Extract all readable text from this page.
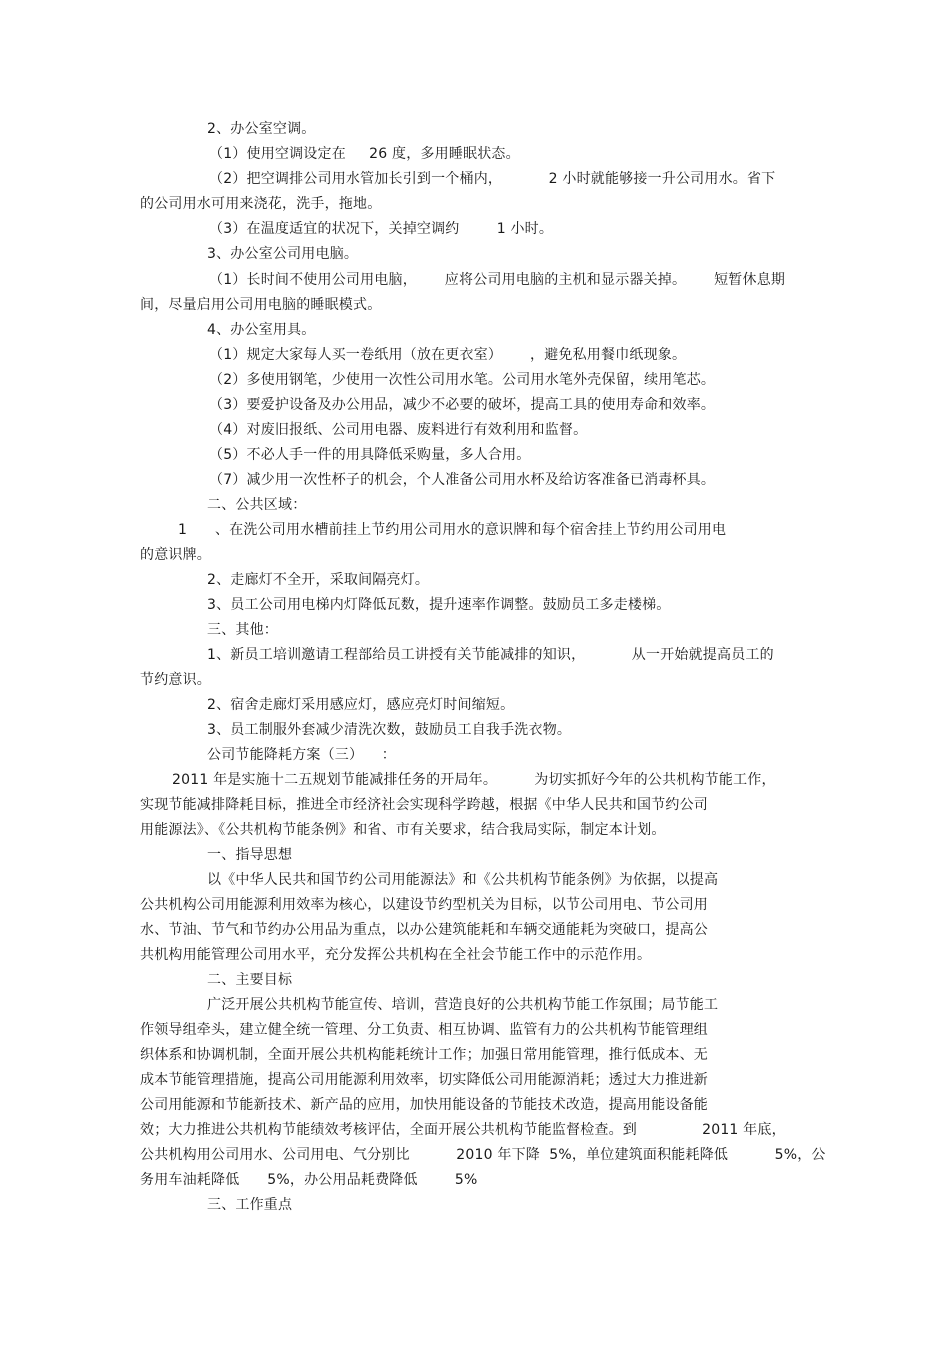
2、办公室空调。
（1）使用空调设定在     26 度，多用睡眠状态。
（2）把空调排公司用水管加长引到一个桶内，          2 小时就能够接一升公司用水。省下
的公司用水可用来浇花，洗手，拖地。
（3）在温度适宜的状况下，关掉空调约        1 小时。
3、办公室公司用电脑。
（1）长时间不使用公司用电脑，      应将公司用电脑的主机和显示器关掉。      短暂休息期
间，尽量启用公司用电脑的睡眠模式。
4、办公室用具。
（1）规定大家每人买一卷纸用（放在更衣室）      ，避免私用餐巾纸现象。
（2）多使用钢笔，少使用一次性公司用水笔。公司用水笔外壳保留，续用笔芯。
（3）要爱护设备及办公用品，减少不必要的破坏，提高工具的使用寿命和效率。
（4）对废旧报纸、公司用电器、废料进行有效利用和监督。
（5）不必人手一件的用具降低采购量，多人合用。
（7）减少用一次性杯子的机会，个人准备公司用水杯及给访客准备已消毒杯具。
二、公共区域：
1      、在洗公司用水槽前挂上节约用公司用水的意识牌和每个宿舍挂上节约用公司用电
的意识牌。
2、走廊灯不全开，采取间隔亮灯。
3、员工公司用电梯内灯降低瓦数，提升速率作调整。鼓励员工多走楼梯。
三、其他：
1、新员工培训邀请工程部给员工讲授有关节能减排的知识，          从一开始就提高员工的
节约意识。
2、宿舍走廊灯采用感应灯，感应亮灯时间缩短。
3、员工制服外套减少清洗次数，鼓励员工自我手洗衣物。
公司节能降耗方案（三）    ：
2011 年是实施十二五规划节能减排任务的开局年。        为切实抓好今年的公共机构节能工作，
实现节能减排降耗目标，推进全市经济社会实现科学跨越，根据《中华人民共和国节约公司
用能源法》、《公共机构节能条例》和省、市有关要求，结合我局实际，制定本计划。
一、指导思想
以《中华人民共和国节约公司用能源法》和《公共机构节能条例》为依据，以提高
公共机构公司用能源利用效率为核心，以建设节约型机关为目标，以节公司用电、节公司用
水、节油、节气和节约办公用品为重点，以办公建筑能耗和车辆交通能耗为突破口，提高公
共机构用能管理公司用水平，充分发挥公共机构在全社会节能工作中的示范作用。
二、主要目标
广泛开展公共机构节能宣传、培训，营造良好的公共机构节能工作氛围；局节能工
作领导组牵头，建立健全统一管理、分工负责、相互协调、监管有力的公共机构节能管理组
织体系和协调机制，全面开展公共机构能耗统计工作；加强日常用能管理，推行低成本、无
成本节能管理措施，提高公司用能源利用效率，切实降低公司用能源消耗；透过大力推进新
公司用能源和节能新技术、新产品的应用，加快用能设备的节能技术改造，提高用能设备能
效；大力推进公共机构节能绩效考核评估，全面开展公共机构节能监督检查。到              2011 年底，
公共机构用公司用水、公司用电、气分别比          2010 年下降  5%，单位建筑面积能耗降低          5%，公
务用车油耗降低      5%，办公用品耗费降低        5%
三、工作重点
